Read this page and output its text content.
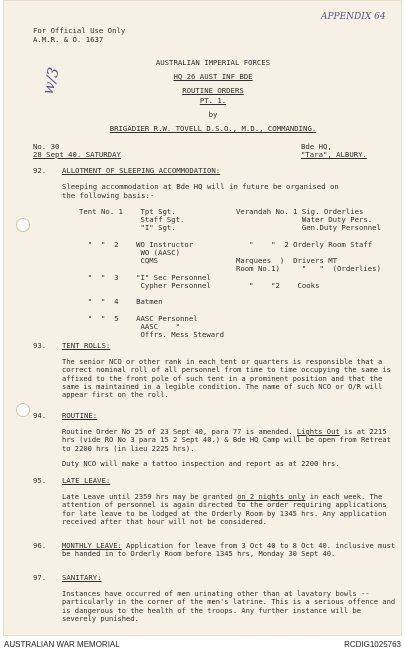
APPENDIX 64
w/3
For Official Use Only
A.M.R. & O. 1637
AUSTRALIAN IMPERIAL FORCES
HQ 26 AUST INF BDE
ROUTINE ORDERS
PT. 1.
by
BRIGADIER R.W. TOVELL D.S.O., M.D., COMMANDING.
No. 30
28 Sept 40. SATURDAY
Bde HQ,
"Tara", ALBURY.
92. ALLOTMENT OF SLEEPING ACCOMMODATION:
Sleeping accommodation at Bde HQ will in future be organised on
the following basis:-
Tent No. 1    Tpt Sgt.
Staff Sgt.
"I" Sgt.

"  "  2    WO Instructor
WO (AASC)
CQMS

"  "  3    "I" Sec Personnel
Cypher Personnel

"  "  4    Batmen

"  "  5    AASC Personnel
AASC    "
Offrs. Mess Steward
Verandah No. 1 Sig. Orderlies
Water Duty Pers.
Gen.Duty Personnel

"    "  2 Orderly Room Staff

Marquees  )  Drivers MT
Room No.1)     "   "  (Orderlies)

"    "2    Cooks
93. TENT ROLLS:
The senior NCO or other rank in each tent or quarters is responsible that a correct nominal roll of all personnel from time to time occupying the same is affixed to the front pole of such tent in a prominent position and that the same is maintained in a legible condition. The name of such NCO or O/R will appear first on the roll.
94. ROUTINE:
Routine Order No 25 of 23 Sept 40, para 77 is amended. Lights Out is at 2215 hrs (vide RO No 3 para 15 2 Sept 40.) & Bde HQ Camp will be open from Retreat to 2200 hrs (in lieu 2225 hrs).
Duty NCO will make a tattoo inspection and report as at 2200 hrs.
95. LATE LEAVE:
Late Leave until 2359 hrs may be granted on 2 nights only in each week. The attention of personnel is again directed to the order requiring applications for late leave to be lodged at the Orderly Room by 1345 hrs. Any application received after that hour will not be considered.
96. MONTHLY LEAVE: Application for leave from 3 Oct 40 to 8 Oct 40. inclusive must be handed in to Orderly Room before 1345 hrs, Monday 30 Sept 40.
97. SANITARY:
Instances have occurred of men urinating other than at lavatory bowls -- particularly in the corner of the men's latrine. This is a serious offence and is dangerous to the health of the troops. Any further instance will be severely punished.
AUSTRALIAN WAR MEMORIAL	RCDIG1025763
